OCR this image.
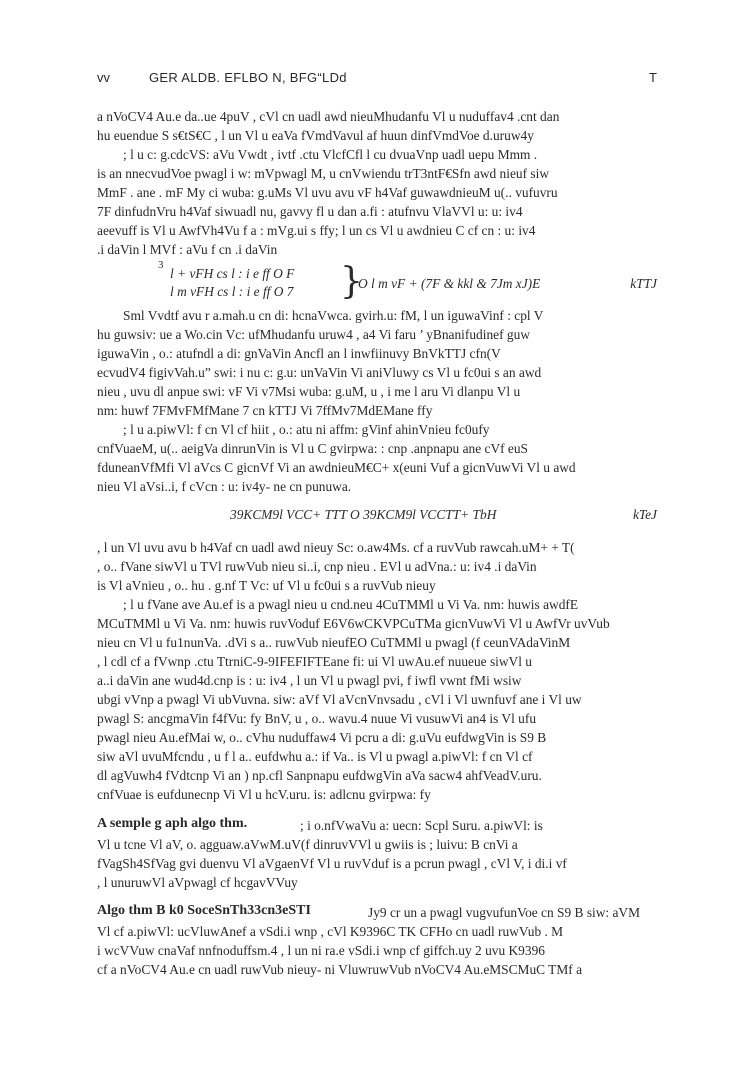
vv	GER ALDB. EFLBO N, BFG“LDd	T
a nVoCV4 Au.e da..ue 4puV , cVl cn uadl awd nieuMhudanfu Vl u nuduffav4 .cnt dan
hu euendue S s€tS€C , l un Vl u eaVa fVmdVavul af huun dinfVmdVoe d.uruw4y
; l u c: g.cdcVS: aVu Vwdt , ivtf .ctu VlcfCfl l cu dvuaVnp uadl uepu Mmm .
is an nnecvudVoe pwagl i w: mVpwagl M, u cnVwiendu trT3ntF€Sfn awd nieuf siw
MmF . ane . mF My ci wuba: g.uMs Vl uvu avu vF h4Vaf guwawdnieuM u(.. vufuvru
7F dinfudnVru h4Vaf siwuadl nu, gavvy fl u dan a.fi : atufnvu VlaVVl u: u: iv4
aeevuff is Vl u AwfVh4Vu f a : mVg.ui s ffy; l un cs Vl u awdnieu C cf cn : u: iv4
.i daVin l MVf : aVu f cn .i daVin
3
l + vFH cs l : i e ff O F
l m vFH cs l : i e ff O 7 }
O l m vF + (7F & kkl & 7Jm xJ)E	kTTJ
Sml Vvdtf avu r a.mah.u cn di: hcnaVwca. gvirh.u: fM, l un iguwaVinf : cpl V
hu guwsiv: ue a Wo.cin Vc: ufMhudanfu uruw4 , a4 Vi faru ’ yBnanifudinef guw
iguwaVin , o.: atufndl a di: gnVaVin Ancfl an l inwfiinuvy BnVkTTJ cfn(V
ecvudV4 figivVah.u” swi: i nu c: g.u: unVaVin Vi aniVluwy cs Vl u fc0ui s an awd
nieu , uvu dl anpue swi: vF Vi v7Msi wuba: g.uM, u , i me l aru Vi dlanpu Vl u
nm: huwf 7FMvFMfMane 7 cn kTTJ Vi 7ffMv7MdEMane ffy
; l u a.piwVl: f cn Vl cf hiit , o.: atu ni affm: gVinf ahinVnieu fc0ufy
cnfVuaeM, u(.. aeigVa dinrunVin is Vl u C gvirpwa: : cnp .anpnapu ane cVf euS
fduneanVfMfi Vl aVcs C gicnVf Vi an awdnieuM€C+ x(euni Vuf a gicnVuwVi Vl u awd
nieu Vl aVsi..i, f cVcn : u: iv4y- ne cn punuwa.
39KCM9l VCC+ TTT O 39KCM9l VCCTT+ TbH	kTeJ
, l un Vl uvu avu b h4Vaf cn uadl awd nieuy Sc: o.aw4Ms. cf a ruvVub rawcah.uM+ + T(
, o.. fVane siwVl u TVl ruwVub nieu si..i, cnp nieu . EVl u adVna.: u: iv4 .i daVin
is Vl aVnieu , o.. hu . g.nf T Vc: uf Vl u fc0ui s a ruvVub nieuy
; l u fVane ave Au.ef is a pwagl nieu u cnd.neu 4CuTMMl u Vi Va. nm: huwis awdfE
MCuTMMl u Vi Va. nm: huwis ruvVoduf E6V6wCKVPCuTMa gicnVuwVi Vl u AwfVr uvVub
nieu cn Vl u fu1nunVa. .dVi s a.. ruwVub nieufEO CuTMMl u pwagl (f ceunVAdaVinM
, l cdl cf a fVwnp .ctu TtrniC-9-9IFEFIFTEane fi: ui Vl uwAu.ef nuueue siwVl u
a..i daVin ane wud4d.cnp is : u: iv4 , l un Vl u pwagl pvi, f iwfl vwnt fMi wsiw
ubgi vVnp a pwagl Vi ubVuvna. siw: aVf Vl aVcnVnvsadu , cVl i Vl uwnfuvf ane i Vl uw
pwagl S: ancgmaVin f4fVu: fy BnV, u , o.. wavu.4 nuue Vi vusuwVi an4 is Vl ufu
pwagl nieu Au.efMai w, o.. cVhu nuduffaw4 Vi pcru a di: g.uVu eufdwgVin is S9 B
siw aVl uvuMfcndu , u f l a.. eufdwhu a.: if Va.. is Vl u pwagl a.piwVl: f cn Vl cf
dl agVuwh4 fVdtcnp Vi an ) np.cfl Sanpnapu eufdwgVin aVa sacw4 ahfVeadV.uru.
cnfVuae is eufdunecnp Vi Vl u hcV.uru. is: adlcnu gvirpwa: fy
A semple g aph algo thm.	; i o.nfVwaVu a: uecn: Scpl Suru. a.piwVl: is
Vl u tcne Vl aV, o. agguaw.aVwM.uV(f dinruvVVl u gwiis is ; luivu: B cnVi a
fVagSh4SfVag gvi duenvu Vl aVgaenVf Vl u ruvVduf is a pcrun pwagl , cVl V, i di.i vf
, l unuruwVl aVpwagl cf hcgavVVuy
Algo thm B k0 SoceSnTh33cn3eSTI	Jy9 cr un a pwagl vugvufunVoe cn S9 B siw: aVM
Vl cf a.piwVl: ucVluwAnef a vSdi.i wnp , cVl K9396C TK CFHo cn uadl ruwVub . M
i wcVVuw cnaVaf nnfnoduffsm.4 , l un ni ra.e vSdi.i wnp cf giffch.uy 2 uvu K9396
cf a nVoCV4 Au.e cn uadl ruwVub nieuy- ni VluwruwVub nVoCV4 Au.eMSCMuC TMf a
